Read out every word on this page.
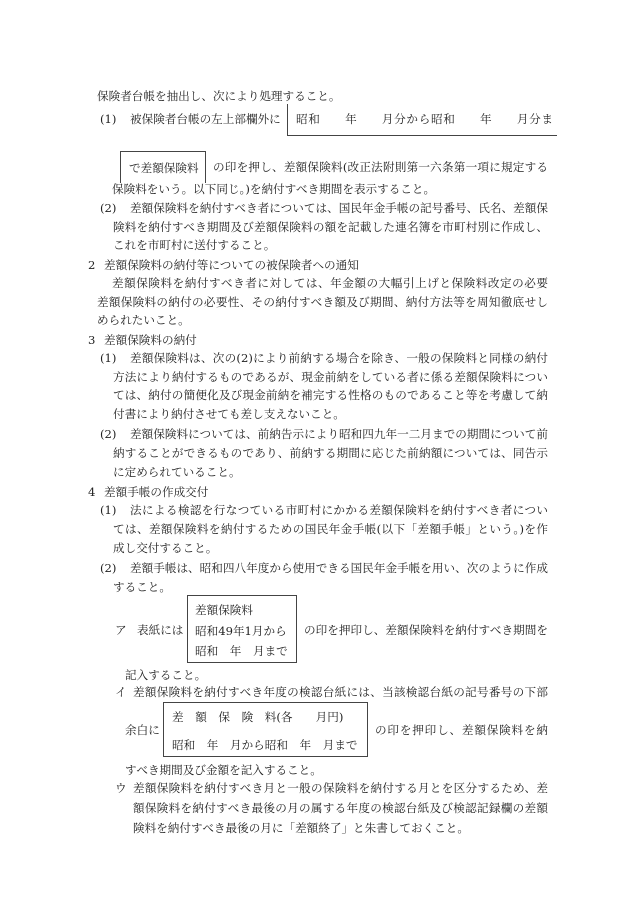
保険者台帳を抽出し、次により処理すること。
(1) 被保険者台帳の左上部欄外に 昭和　　年　　月分から昭和　　年　　月分ま
で差額保険料 の印を押し、差額保険料(改正法附則第一六条第一項に規定する
保険料をいう。以下同じ。)を納付すべき期間を表示すること。
(2) 差額保険料を納付すべき者については、国民年金手帳の記号番号、氏名、差額保
険料を納付すべき期間及び差額保険料の額を記載した連名簿を市町村別に作成し、
これを市町村に送付すること。
2 差額保険料の納付等についての被保険者への通知
差額保険料を納付すべき者に対しては、年金額の大幅引上げと保険料改定の必要
差額保険料の納付の必要性、その納付すべき額及び期間、納付方法等を周知徹底せし
められたいこと。
3 差額保険料の納付
(1) 差額保険料は、次の(2)により前納する場合を除き、一般の保険料と同様の納付
方法により納付するものであるが、現金前納をしている者に係る差額保険料につい
ては、納付の簡便化及び現金前納を補完する性格のものであること等を考慮して納
付書により納付させても差し支えないこと。
(2) 差額保険料については、前納告示により昭和四九年一二月までの期間について前
納することができるものであり、前納する期間に応じた前納額については、同告示
に定められていること。
4 差額手帳の作成交付
(1) 法による検認を行なつている市町村にかかる差額保険料を納付すべき者につい
ては、差額保険料を納付するための国民年金手帳(以下「差額手帳」という。)を作
成し交付すること。
(2) 差額手帳は、昭和四八年度から使用できる国民年金手帳を用い、次のように作成
すること。
ア 表紙には
差額保険料
昭和49年1月から
昭和　年　月まで
の印を押印し、差額保険料を納付すべき期間を
記入すること。
イ 差額保険料を納付すべき年度の検認台紙には、当該検認台紙の記号番号の下部
余白に
差　額　保　険　料(各　　月円)
昭和　年　月から昭和　年　月まで
の印を押印し、差額保険料を納
すべき期間及び金額を記入すること。
ウ 差額保険料を納付すべき月と一般の保険料を納付する月とを区分するため、差
額保険料を納付すべき最後の月の属する年度の検認台紙及び検認記録欄の差額
険料を納付すべき最後の月に「差額終了」と朱書しておくこと。
